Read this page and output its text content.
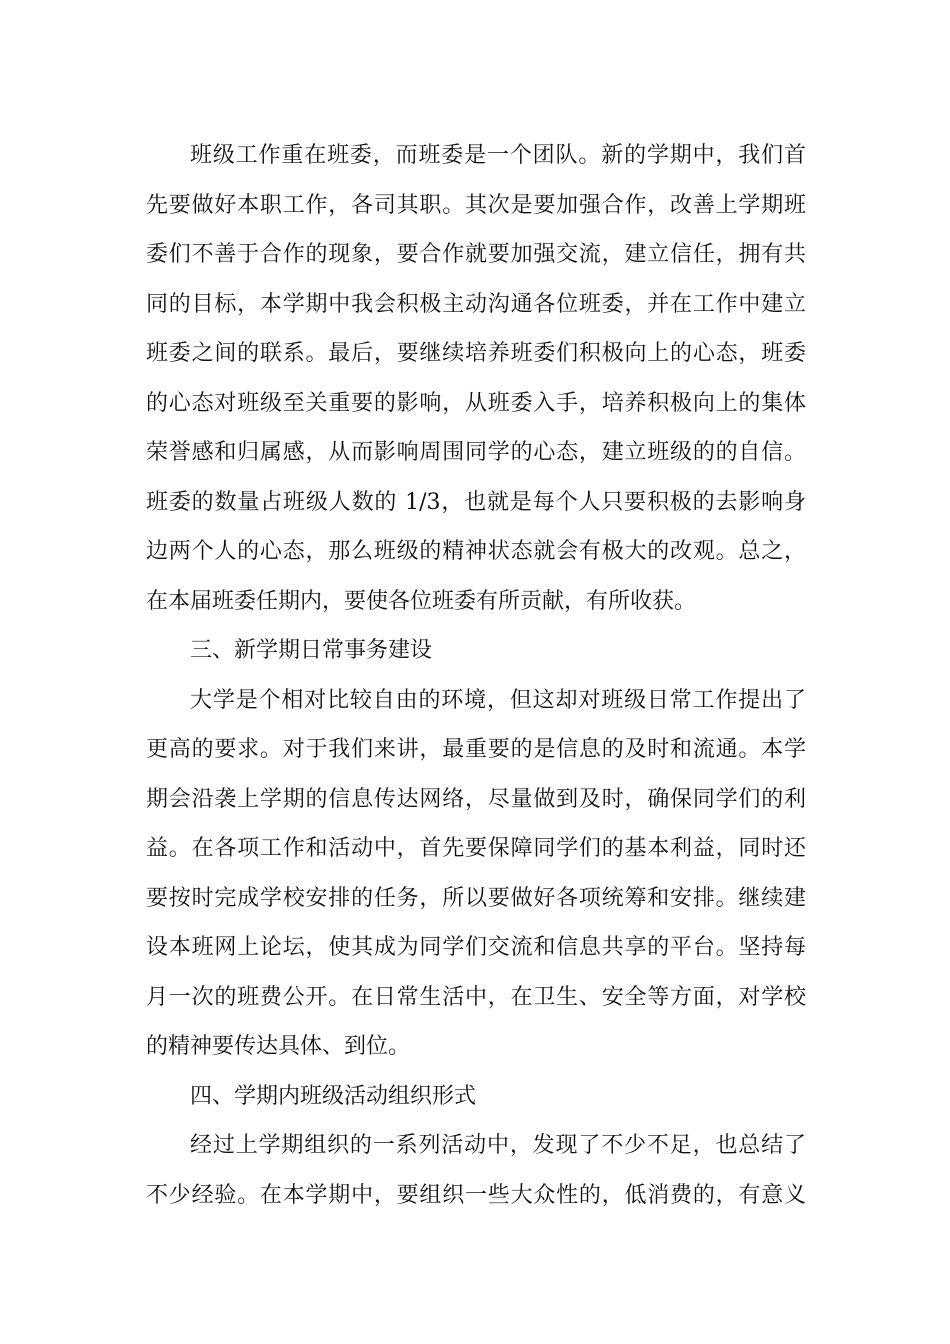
班级工作重在班委，而班委是一个团队。新的学期中，我们首
先要做好本职工作，各司其职。其次是要加强合作，改善上学期班
委们不善于合作的现象，要合作就要加强交流，建立信任，拥有共
同的目标，本学期中我会积极主动沟通各位班委，并在工作中建立
班委之间的联系。最后，要继续培养班委们积极向上的心态，班委
的心态对班级至关重要的影响，从班委入手，培养积极向上的集体
荣誉感和归属感，从而影响周围同学的心态，建立班级的的自信。
班委的数量占班级人数的 1/3，也就是每个人只要积极的去影响身
边两个人的心态，那么班级的精神状态就会有极大的改观。总之，
在本届班委任期内，要使各位班委有所贡献，有所收获。
三、新学期日常事务建设
大学是个相对比较自由的环境，但这却对班级日常工作提出了
更高的要求。对于我们来讲，最重要的是信息的及时和流通。本学
期会沿袭上学期的信息传达网络，尽量做到及时，确保同学们的利
益。在各项工作和活动中，首先要保障同学们的基本利益，同时还
要按时完成学校安排的任务，所以要做好各项统筹和安排。继续建
设本班网上论坛，使其成为同学们交流和信息共享的平台。坚持每
月一次的班费公开。在日常生活中，在卫生、安全等方面，对学校
的精神要传达具体、到位。
四、学期内班级活动组织形式
经过上学期组织的一系列活动中，发现了不少不足，也总结了
不少经验。在本学期中，要组织一些大众性的，低消费的，有意义
